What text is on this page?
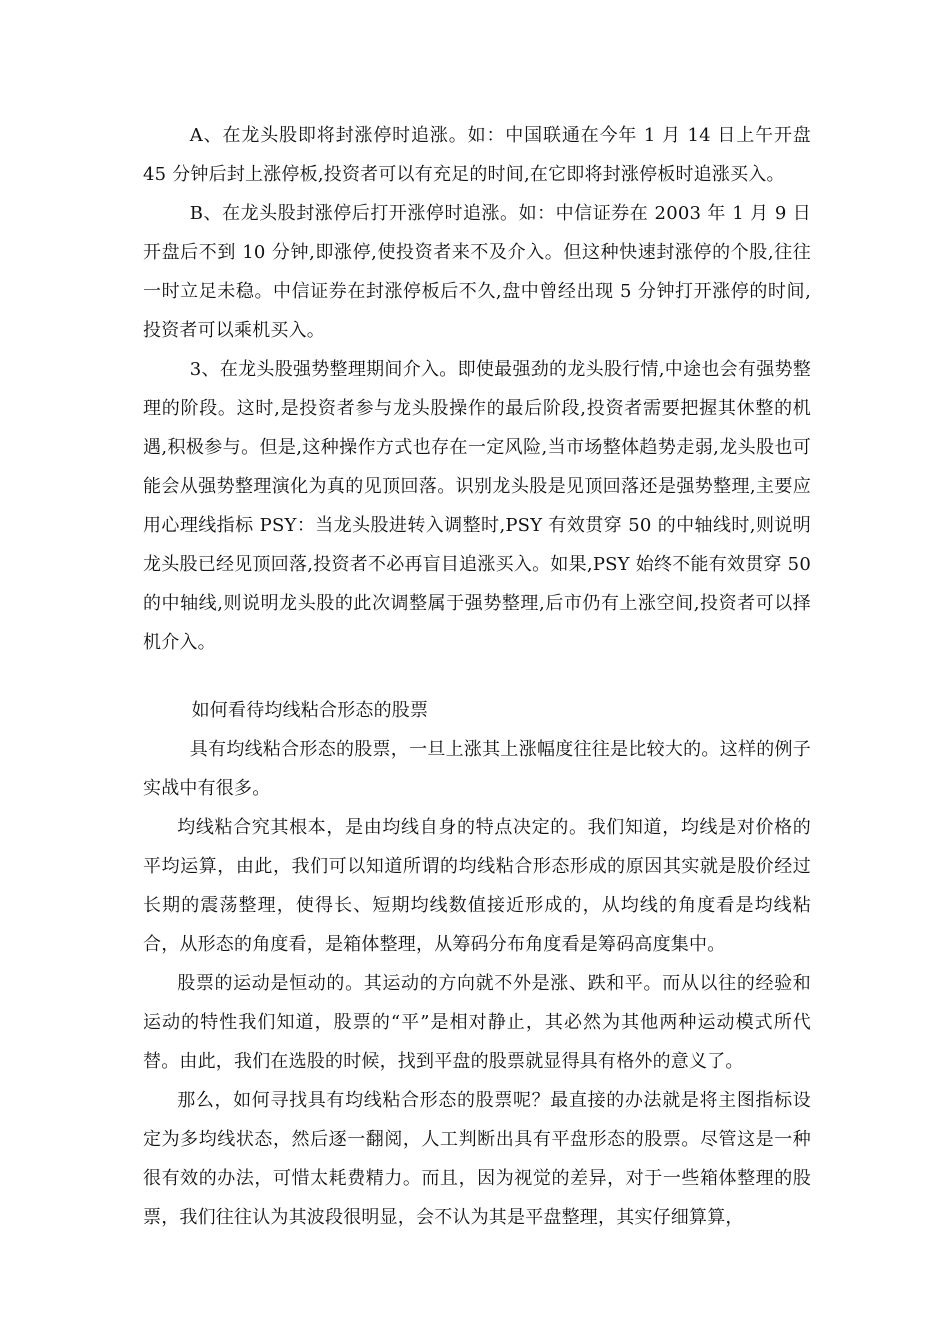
A、在龙头股即将封涨停时追涨。如：中国联通在今年 1 月 14 日上午开盘 45 分钟后封上涨停板,投资者可以有充足的时间,在它即将封涨停板时追涨买入。

B、在龙头股封涨停后打开涨停时追涨。如：中信证券在 2003 年 1 月 9 日开盘后不到 10 分钟,即涨停,使投资者来不及介入。但这种快速封涨停的个股,往往一时立足未稳。中信证券在封涨停板后不久,盘中曾经出现 5 分钟打开涨停的时间,投资者可以乘机买入。

3、在龙头股强势整理期间介入。即使最强劲的龙头股行情,中途也会有强势整理的阶段。这时,是投资者参与龙头股操作的最后阶段,投资者需要把握其休整的机遇,积极参与。但是,这种操作方式也存在一定风险,当市场整体趋势走弱,龙头股也可能会从强势整理演化为真的见顶回落。识别龙头股是见顶回落还是强势整理,主要应用心理线指标 PSY：当龙头股进转入调整时,PSY 有效贯穿 50 的中轴线时,则说明龙头股已经见顶回落,投资者不必再盲目追涨买入。如果,PSY 始终不能有效贯穿 50 的中轴线,则说明龙头股的此次调整属于强势整理,后市仍有上涨空间,投资者可以择机介入。

如何看待均线粘合形态的股票

具有均线粘合形态的股票，一旦上涨其上涨幅度往往是比较大的。这样的例子实战中有很多。

均线粘合究其根本，是由均线自身的特点决定的。我们知道，均线是对价格的平均运算，由此，我们可以知道所谓的均线粘合形态形成的原因其实就是股价经过长期的震荡整理，使得长、短期均线数值接近形成的，从均线的角度看是均线粘合，从形态的角度看，是箱体整理，从筹码分布角度看是筹码高度集中。

股票的运动是恒动的。其运动的方向就不外是涨、跌和平。而从以往的经验和运动的特性我们知道，股票的“平”是相对静止，其必然为其他两种运动模式所代替。由此，我们在选股的时候，找到平盘的股票就显得具有格外的意义了。

那么，如何寻找具有均线粘合形态的股票呢？最直接的办法就是将主图指标设定为多均线状态，然后逐一翻阅，人工判断出具有平盘形态的股票。尽管这是一种很有效的办法，可惜太耗费精力。而且，因为视觉的差异，对于一些箱体整理的股票，我们往往认为其波段很明显，会不认为其是平盘整理，其实仔细算算，
